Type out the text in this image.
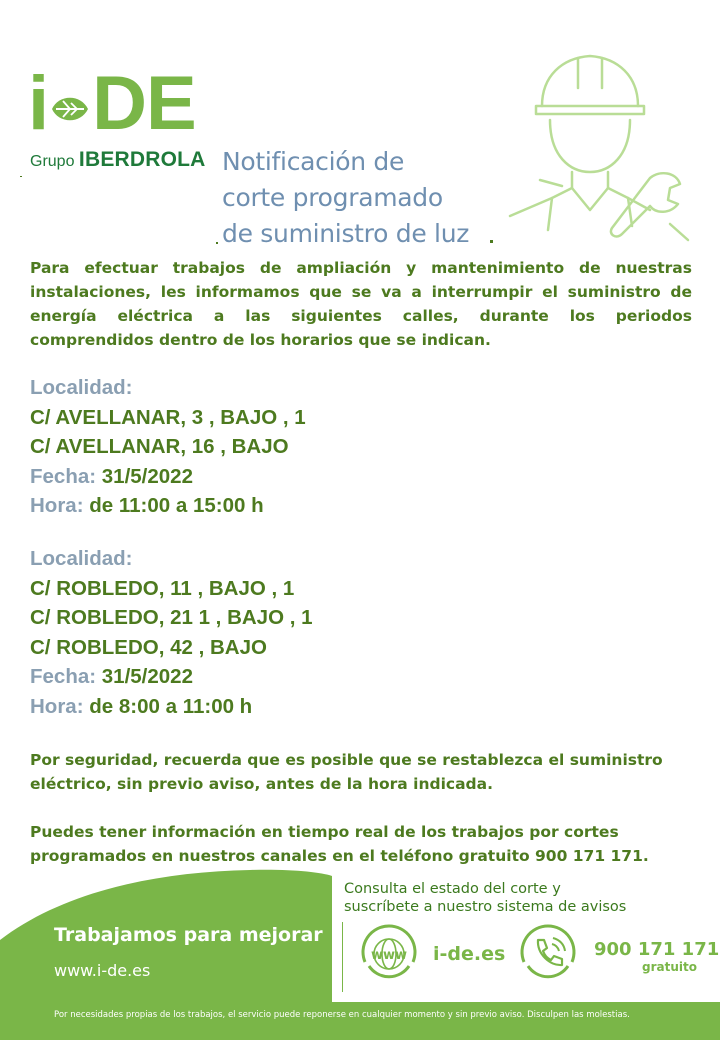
i DE
Grupo IBERDROLA Notificación de
corte programado
de suministro de luz
Para efectuar trabajos de ampliación y mantenimiento de nuestras instalaciones, les informamos que se va a interrumpir el suministro de energía eléctrica a las siguientes calles, durante los periodos comprendidos dentro de los horarios que se indican.
Localidad:
C/ AVELLANAR, 3 , BAJO , 1
C/ AVELLANAR, 16 , BAJO
Fecha: 31/5/2022
Hora: de 11:00 a 15:00 h
Localidad:
C/ ROBLEDO, 11 , BAJO , 1
C/ ROBLEDO, 21 1 , BAJO , 1
C/ ROBLEDO, 42 , BAJO
Fecha: 31/5/2022
Hora: de 8:00 a 11:00 h
Por seguridad, recuerda que es posible que se restablezca el suministro eléctrico, sin previo aviso, antes de la hora indicada.
Puedes tener información en tiempo real de los trabajos por cortes programados en nuestros canales en el teléfono gratuito 900 171 171.
Consulta el estado del corte y
suscríbete a nuestro sistema de avisos
Trabajamos para mejorar
www.i-de.es
www i-de.es	900 171 171
gratuito
Por necesidades propias de los trabajos, el servicio puede reponerse en cualquier momento y sin previo aviso. Disculpen las molestias.
